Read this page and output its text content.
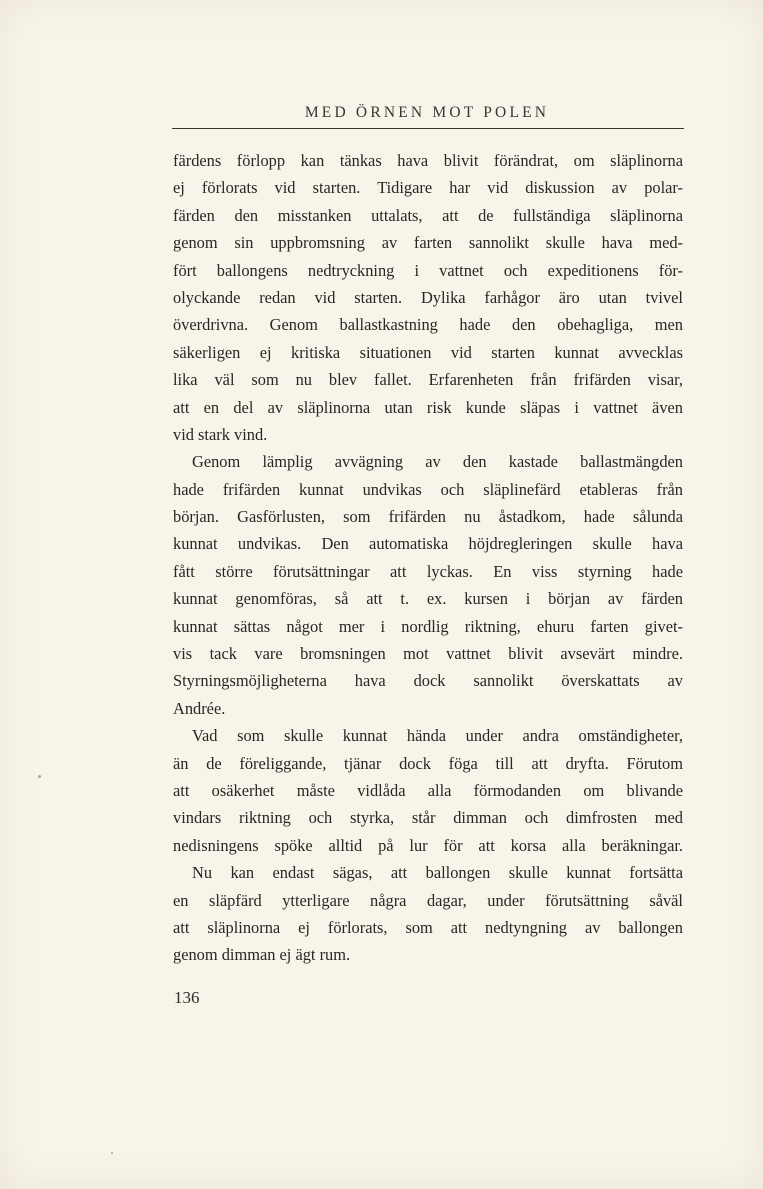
MED ÖRNEN MOT POLEN
färdens förlopp kan tänkas hava blivit förändrat, om släplinorna
ej förlorats vid starten. Tidigare har vid diskussion av polar-
färden den misstanken uttalats, att de fullständiga släplinorna
genom sin uppbromsning av farten sannolikt skulle hava med-
fört ballongens nedtryckning i vattnet och expeditionens för-
olyckande redan vid starten. Dylika farhågor äro utan tvivel
överdrivna. Genom ballastkastning hade den obehagliga, men
säkerligen ej kritiska situationen vid starten kunnat avvecklas
lika väl som nu blev fallet. Erfarenheten från frifärden visar,
att en del av släplinorna utan risk kunde släpas i vattnet även
vid stark vind.
Genom lämplig avvägning av den kastade ballastmängden
hade frifärden kunnat undvikas och släplinefärd etableras från
början. Gasförlusten, som frifärden nu åstadkom, hade sålunda
kunnat undvikas. Den automatiska höjdregleringen skulle hava
fått större förutsättningar att lyckas. En viss styrning hade
kunnat genomföras, så att t. ex. kursen i början av färden
kunnat sättas något mer i nordlig riktning, ehuru farten givet-
vis tack vare bromsningen mot vattnet blivit avsevärt mindre.
Styrningsmöjligheterna hava dock sannolikt överskattats av
Andrée.
Vad som skulle kunnat hända under andra omständigheter,
än de föreliggande, tjänar dock föga till att dryfta. Förutom
att osäkerhet måste vidlåda alla förmodanden om blivande
vindars riktning och styrka, står dimman och dimfrosten med
nedisningens spöke alltid på lur för att korsa alla beräkningar.
Nu kan endast sägas, att ballongen skulle kunnat fortsätta
en släpfärd ytterligare några dagar, under förutsättning såväl
att släplinorna ej förlorats, som att nedtyngning av ballongen
genom dimman ej ägt rum.

136
